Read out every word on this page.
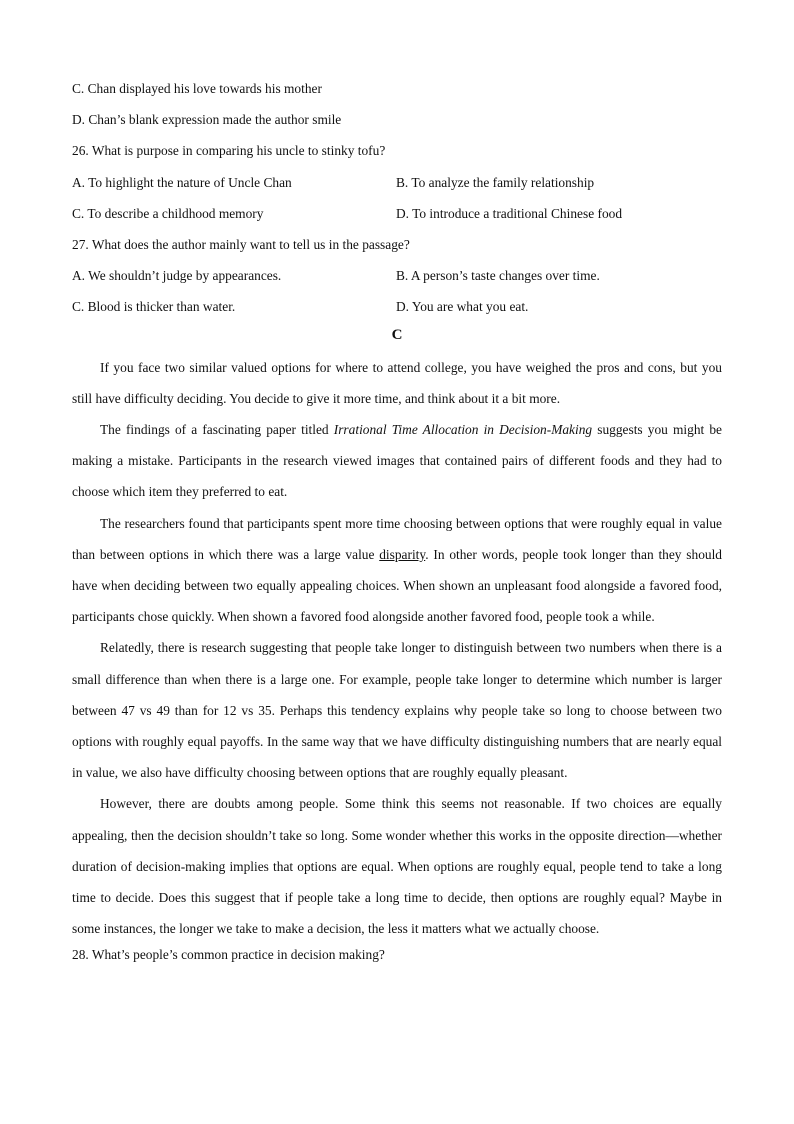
C. Chan displayed his love towards his mother
D. Chan’s blank expression made the author smile
26. What is purpose in comparing his uncle to stinky tofu?
A. To highlight the nature of Uncle Chan	B. To analyze the family relationship
C. To describe a childhood memory	D. To introduce a traditional Chinese food
27. What does the author mainly want to tell us in the passage?
A. We shouldn’t judge by appearances.	B. A person’s taste changes over time.
C. Blood is thicker than water.	D. You are what you eat.
C

If you face two similar valued options for where to attend college, you have weighed the pros and cons, but you still have difficulty deciding. You decide to give it more time, and think about it a bit more.

The findings of a fascinating paper titled Irrational Time Allocation in Decision-Making suggests you might be making a mistake. Participants in the research viewed images that contained pairs of different foods and they had to choose which item they preferred to eat.

The researchers found that participants spent more time choosing between options that were roughly equal in value than between options in which there was a large value disparity. In other words, people took longer than they should have when deciding between two equally appealing choices. When shown an unpleasant food alongside a favored food, participants chose quickly. When shown a favored food alongside another favored food, people took a while.

Relatedly, there is research suggesting that people take longer to distinguish between two numbers when there is a small difference than when there is a large one. For example, people take longer to determine which number is larger between 47 vs 49 than for 12 vs 35. Perhaps this tendency explains why people take so long to choose between two options with roughly equal payoffs. In the same way that we have difficulty distinguishing numbers that are nearly equal in value, we also have difficulty choosing between options that are roughly equally pleasant.

However, there are doubts among people. Some think this seems not reasonable. If two choices are equally appealing, then the decision shouldn’t take so long. Some wonder whether this works in the opposite direction—whether duration of decision-making implies that options are equal. When options are roughly equal, people tend to take a long time to decide. Does this suggest that if people take a long time to decide, then options are roughly equal? Maybe in some instances, the longer we take to make a decision, the less it matters what we actually choose.

28. What’s people’s common practice in decision making?
